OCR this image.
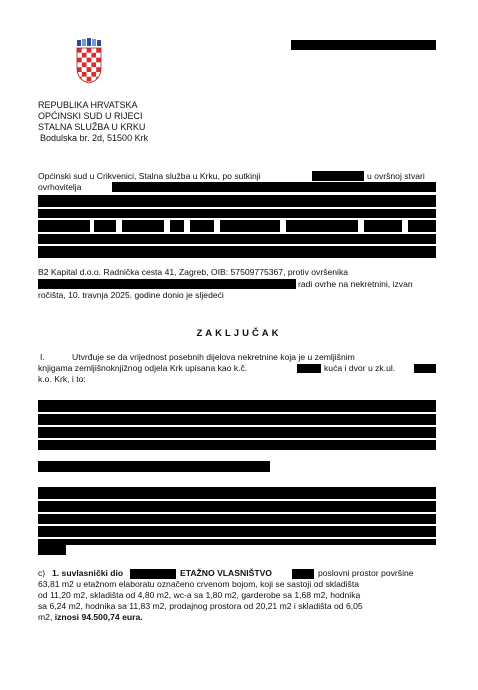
REPUBLIKA HRVATSKA
OPĆINSKI SUD U RIJECI
STALNA SLUŽBA U KRKU
Bodulska br. 2d, 51500 Krk
Općinski sud u Crikvenici, Stalna služba u Krku, po sutkinji	u ovršnoj stvari
ovrhoviteljа
B2 Kapital d.o.o. Radnička cesta 41, Zagreb, OIB: 57509775367, protiv ovršenika
radi ovrhe na nekretnini, izvan
ročišta, 10. travnja 2025. godine donio je sljedeći
ZAKLJUČAK
I.	Utvrđuje se da vrijednost posebnih dijelova nekretnine koja je u zemljišnim
knjigama zemljišnoknjižnog odjela Krk upisana kao k.č.	kuća i dvor u zk.ul.
k.o. Krk, i to:
c) 1. suvlasnički dio	ETAŽNO VLASNIŠTVO	poslovni prostor površine
63,81 m2 u etažnom elaboratu označeno crvenom bojom, koji se sastoji od skladišta
od 11,20 m2, skladišta od 4,80 m2, wc-a sa 1,80 m2, garderobe sa 1,68 m2, hodnika
sa 6,24 m2, hodnika sa 11,83 m2, prodajnog prostora od 20,21 m2 i skladišta od 6,05
m2, iznosi 94.500,74 eura.
